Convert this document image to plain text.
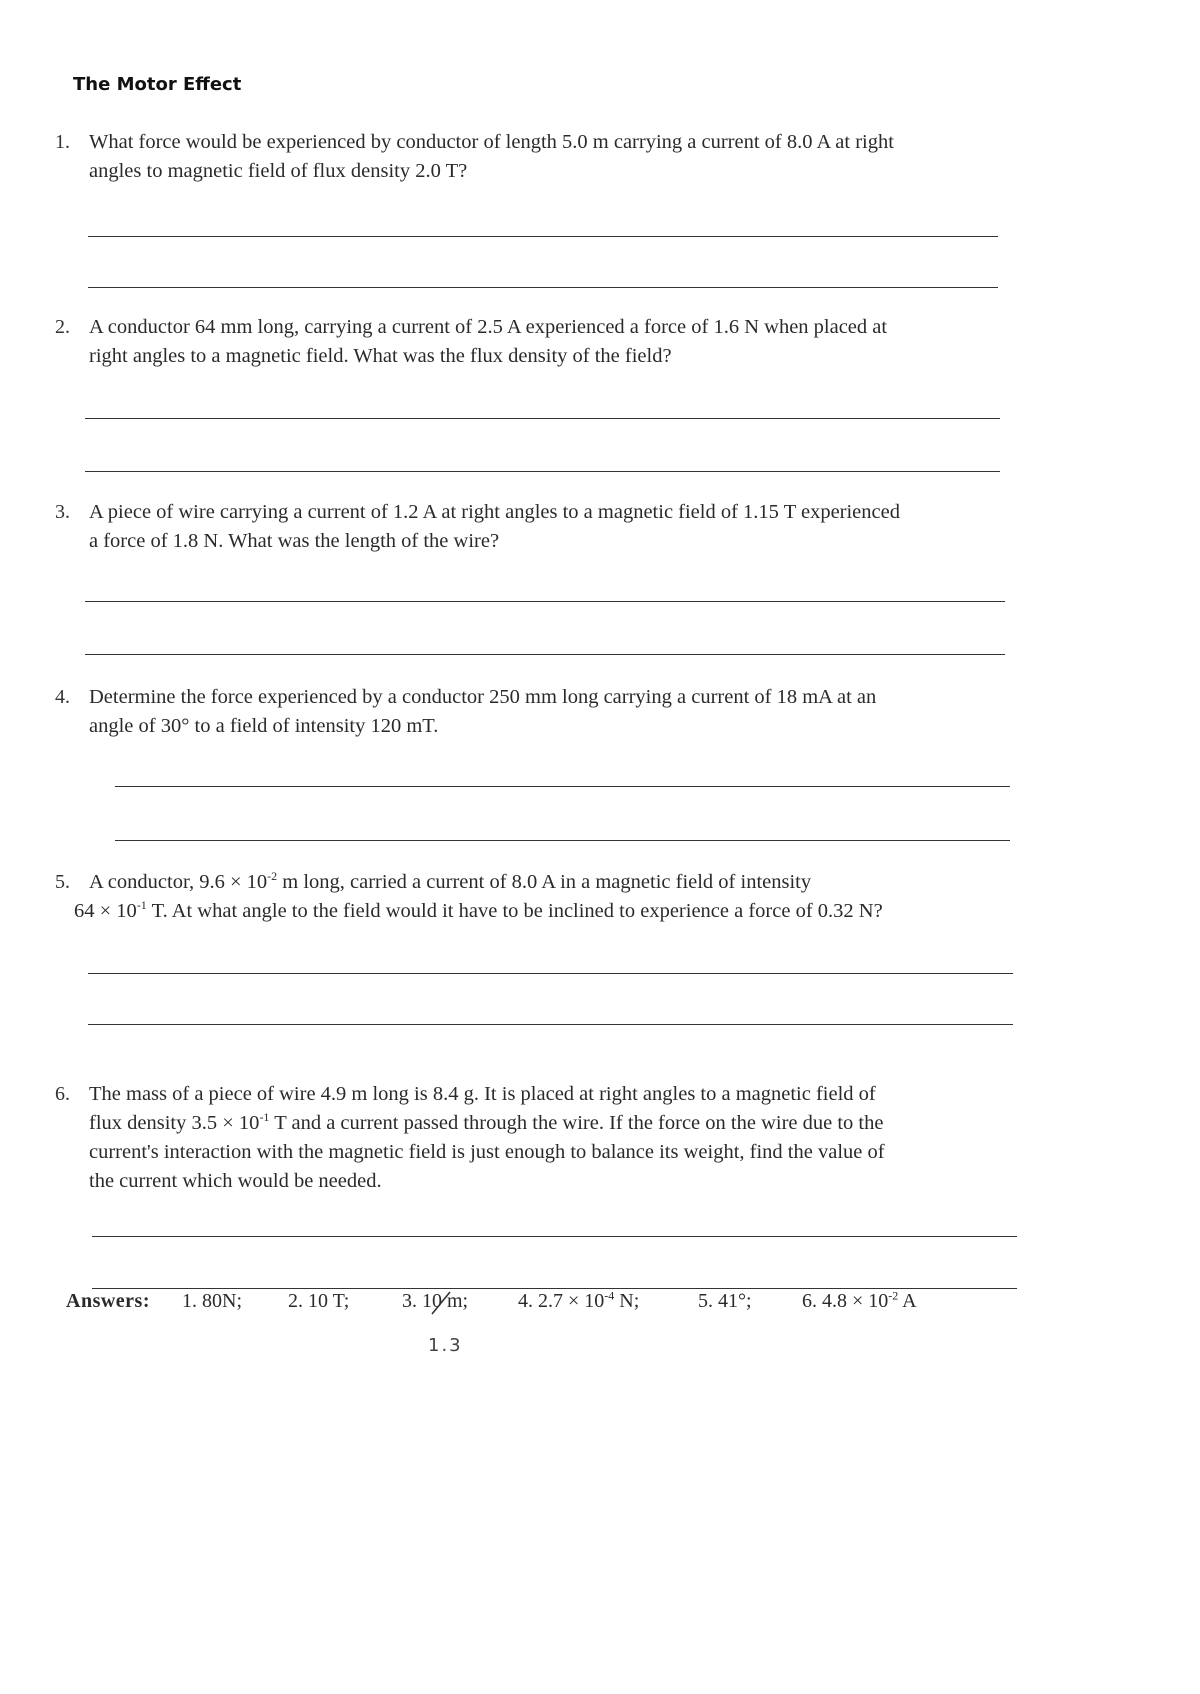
The Motor Effect
1. What force would be experienced by conductor of length 5.0 m carrying a current of 8.0 A at right
angles to magnetic field of flux density 2.0 T?
2. A conductor 64 mm long, carrying a current of 2.5 A experienced a force of 1.6 N when placed at
right angles to a magnetic field. What was the flux density of the field?
3. A piece of wire carrying a current of 1.2 A at right angles to a magnetic field of 1.15 T experienced
a force of 1.8 N. What was the length of the wire?
4. Determine the force experienced by a conductor 250 mm long carrying a current of 18 mA at an
angle of 30° to a field of intensity 120 mT.
5. A conductor, $9.6 \times 10^{-2}$ m long, carried a current of 8.0 A in a magnetic field of intensity
$64 \times 10^{-1}$ T. At what angle to the field would it have to be inclined to experience a force of 0.32 N?
6. The mass of a piece of wire 4.9 m long is 8.4 g. It is placed at right angles to a magnetic field of
flux density $3.5 \times 10^{-1}$ T and a current passed through the wire. If the force on the wire due to the
current's interaction with the magnetic field is just enough to balance its weight, find the value of
the current which would be needed.
Answers: 1. 80N; 2. 10 T;	3. 10 m; 4. $2.7 \times 10^{-4}$ N;	5. 41°;	6. $4.8 \times 10^{-2}$ A
1.3
